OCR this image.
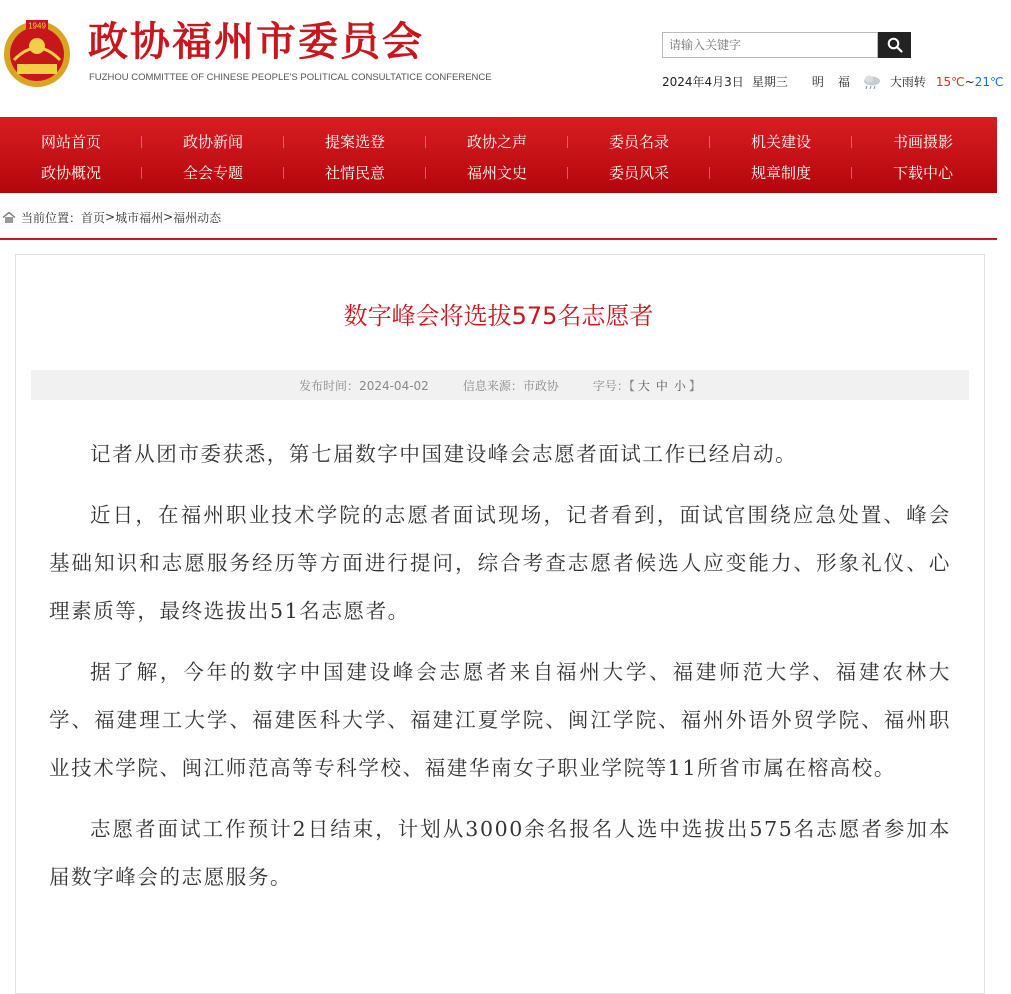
1949 政协福州市委员会
FUZHOU COMMITTEE OF CHINESE PEOPLE'S POLITICAL CONSULTATICE CONFERENCE
请输入关键字	2024年4月3日 星期三 明 福	大雨转 15℃ ~ 21℃
网站首页	政协新闻	提案选登	政协之声	委员名录	机关建设	书画摄影
政协概况	全会专题	社情民意	福州文史	委员风采	规章制度	下载中心
当前位置： 首页 > 城市福州 > 福州动态
数字峰会将选拔575名志愿者
发布时间：2024-04-02	信息来源：市政协	字号：【 大 中 小 】

记者从团市委获悉，第七届数字中国建设峰会志愿者面试工作已经启动。

近日，在福州职业技术学院的志愿者面试现场，记者看到，面试官围绕应急处置、峰会基础知识和志愿服务经历等方面进行提问，综合考查志愿者候选人应变能力、形象礼仪、心理素质等，最终选拔出51名志愿者。

据了解，今年的数字中国建设峰会志愿者来自福州大学、福建师范大学、福建农林大学、福建理工大学、福建医科大学、福建江夏学院、闽江学院、福州外语外贸学院、福州职业技术学院、闽江师范高等专科学校、福建华南女子职业学院等11所省市属在榕高校。

志愿者面试工作预计2日结束，计划从3000余名报名人选中选拔出575名志愿者参加本届数字峰会的志愿服务。
